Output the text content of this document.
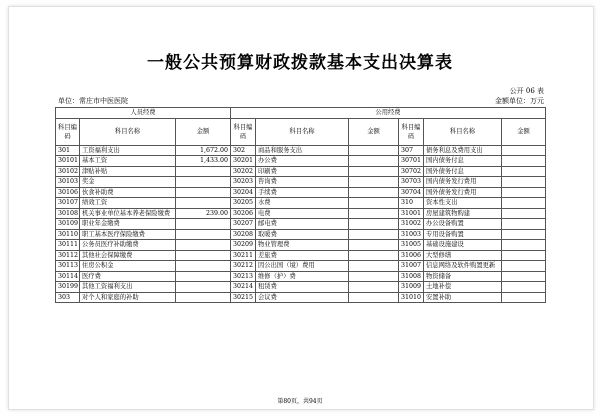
一般公共预算财政拨款基本支出决算表
公开 06 表
单位：常庄市中医医院	金额单位：万元
人员经费			公用经费					
科目编码	科目名称	金额	科目编码	科目名称	金额	科目编码	科目名称	金额
301	工资福利支出	1,672.00	302	商品和服务支出		307	债务利息及费用支出	
30101	基本工资	1,433.00	30201	办公费		30701	国内债务付息	
30102	津贴补贴		30202	印刷费		30702	国外债务付息	
30103	奖金		30203	咨询费		30703	国内债务发行费用	
30106	伙食补助费		30204	手续费		30704	国外债务发行费用	
30107	绩效工资		30205	水费		310	资本性支出	
30108	机关事业单位基本养老保险缴费	239.00	30206	电费		31001	房屋建筑物购建	
30109	职业年金缴费		30207	邮电费		31002	办公设备购置	
30110	职工基本医疗保险缴费		30208	取暖费		31003	专用设备购置	
30111	公务员医疗补助缴费		30209	物业管理费		31005	基础设施建设	
30112	其他社会保障缴费		30211	差旅费		31006	大型修缮	
30113	住房公积金		30212	因公出国（境）费用		31007	信息网络及软件购置更新	
30114	医疗费		30213	维修（护）费		31008	物资储备	
30199	其他工资福利支出		30214	租赁费		31009	土地补偿	
303	对个人和家庭的补助		30215	会议费		31010	安置补助	
第80页，共94页
